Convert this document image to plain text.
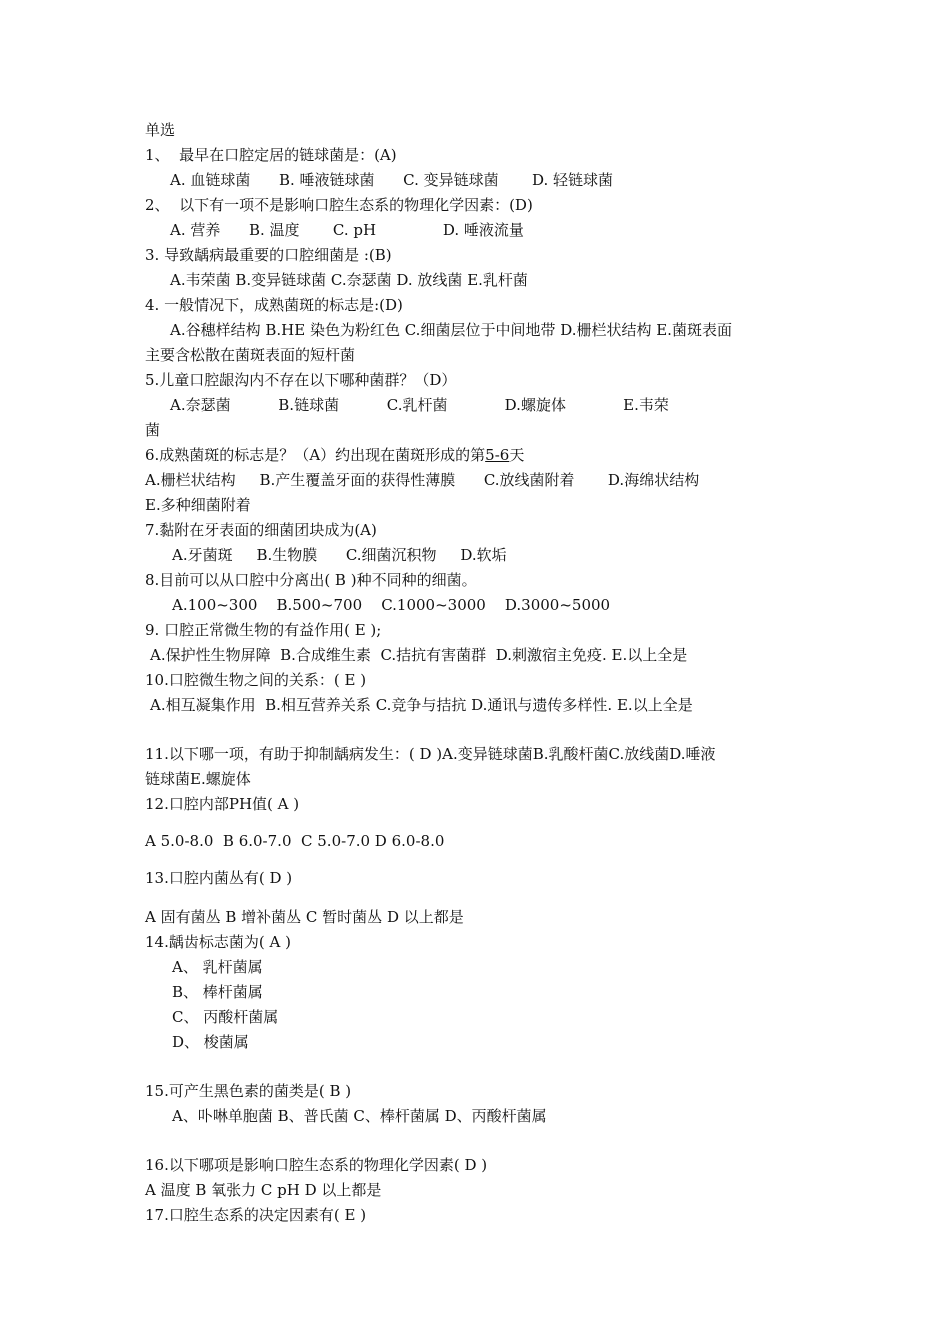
单选
1、  最早在口腔定居的链球菌是：(A)
A. 血链球菌      B. 唾液链球菌      C. 变异链球菌       D. 轻链球菌
2、  以下有一项不是影响口腔生态系的物理化学因素：(D)
A. 营养      B. 温度       C. pH              D. 唾液流量
3. 导致龋病最重要的口腔细菌是 :(B)
A.韦荣菌 B.变异链球菌 C.奈瑟菌 D. 放线菌 E.乳杆菌
4. 一般情况下，成熟菌斑的标志是:(D)
A.谷穗样结构 B.HE 染色为粉红色 C.细菌层位于中间地带 D.栅栏状结构 E.菌斑表面
主要含松散在菌斑表面的短杆菌
5.儿童口腔龈沟内不存在以下哪种菌群？（D）
A.奈瑟菌          B.链球菌          C.乳杆菌            D.螺旋体            E.韦荣
菌
6.成熟菌斑的标志是？（A）约出现在菌斑形成的第5-6天
A.栅栏状结构     B.产生覆盖牙面的获得性薄膜      C.放线菌附着       D.海绵状结构
E.多种细菌附着
7.黏附在牙表面的细菌团块成为(A)
A.牙菌斑     B.生物膜      C.细菌沉积物     D.软垢
8.目前可以从口腔中分离出( B )种不同种的细菌。
A.100~300    B.500~700    C.1000~3000    D.3000~5000
9. 口腔正常微生物的有益作用( E );
A.保护性生物屏障  B.合成维生素  C.拮抗有害菌群  D.刺激宿主免疫. E.以上全是
10.口腔微生物之间的关系：( E )
A.相互凝集作用  B.相互营养关系 C.竞争与拮抗 D.通讯与遗传多样性. E.以上全是
11.以下哪一项，有助于抑制龋病发生：( D )A.变异链球菌B.乳酸杆菌C.放线菌D.唾液
链球菌E.螺旋体
12.口腔内部PH值( A )
A 5.0-8.0  B 6.0-7.0  C 5.0-7.0 D 6.0-8.0
13.口腔内菌丛有( D )
A 固有菌丛 B 增补菌丛 C 暂时菌丛 D 以上都是
14.龋齿标志菌为( A )
A、 乳杆菌属
B、 棒杆菌属
C、 丙酸杆菌属
D、 梭菌属
15.可产生黑色素的菌类是( B )
A、卟啉单胞菌 B、普氏菌 C、棒杆菌属 D、丙酸杆菌属
16.以下哪项是影响口腔生态系的物理化学因素( D )
A 温度 B 氧张力 C pH D 以上都是
17.口腔生态系的决定因素有( E )
